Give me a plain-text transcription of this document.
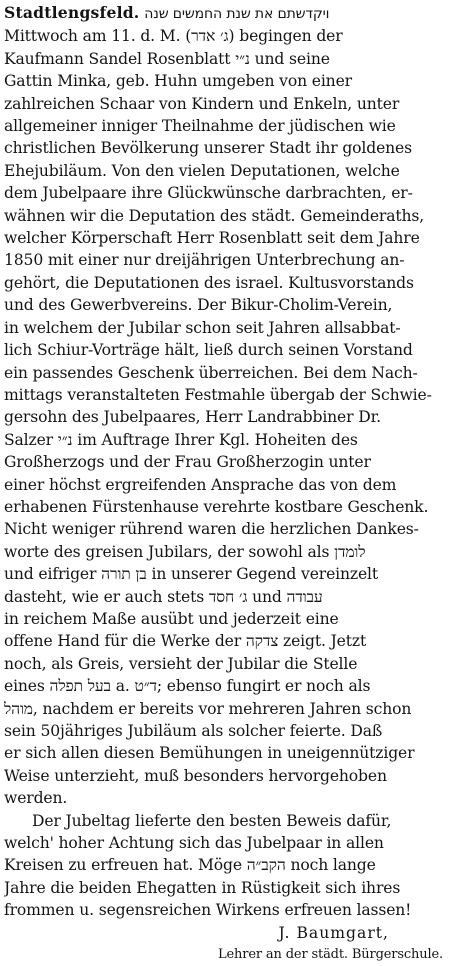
Stadtlengsfeld. ויקדשתם את שנת החמשים שנה
Mittwoch am 11. d. M. (ג׳ אדר) begingen der
Kaufmann Sandel Rosenblatt נ״י und seine
Gattin Minka, geb. Huhn umgeben von einer
zahlreichen Schaar von Kindern und Enkeln, unter
allgemeiner inniger Theilnahme der jüdischen wie
christlichen Bevölkerung unserer Stadt ihr goldenes
Ehejubiläum. Von den vielen Deputationen, welche
dem Jubelpaare ihre Glückwünsche darbrachten, er-
wähnen wir die Deputation des städt. Gemeinderaths,
welcher Körperschaft Herr Rosenblatt seit dem Jahre
1850 mit einer nur dreijährigen Unterbrechung an-
gehört, die Deputationen des israel. Kultusvorstands
und des Gewerbvereins. Der Bikur-Cholim-Verein,
in welchem der Jubilar schon seit Jahren allsabbat-
lich Schiur-Vorträge hält, ließ durch seinen Vorstand
ein passendes Geschenk überreichen. Bei dem Nach-
mittags veranstalteten Festmahle übergab der Schwie-
gersohn des Jubelpaares, Herr Landrabbiner Dr.
Salzer נ״י im Auftrage Ihrer Kgl. Hoheiten des
Großherzogs und der Frau Großherzogin unter
einer höchst ergreifenden Ansprache das von dem
erhabenen Fürstenhause verehrte kostbare Geschenk.
Nicht weniger rührend waren die herzlichen Dankes-
worte des greisen Jubilars, der sowohl als לומדן
und eifriger בן תורה in unserer Gegend vereinzelt
dasteht, wie er auch stets ג׳ חסד und עבודה
in reichem Maße ausübt und jederzeit eine
offene Hand für die Werke der צדקה zeigt. Jetzt
noch, als Greis, versieht der Jubilar die Stelle
eines בעל תפלה a. ד״ט; ebenso fungirt er noch als
מוהל, nachdem er bereits vor mehreren Jahren schon
sein 50jähriges Jubiläum als solcher feierte. Daß
er sich allen diesen Bemühungen in uneigennütziger
Weise unterzieht, muß besonders hervorgehoben
werden.
Der Jubeltag lieferte den besten Beweis dafür,
welch' hoher Achtung sich das Jubelpaar in allen
Kreisen zu erfreuen hat. Möge הקב״ה noch lange
Jahre die beiden Ehegatten in Rüstigkeit sich ihres
frommen u. segensreichen Wirkens erfreuen lassen!
J. Baumgart,
Lehrer an der städt. Bürgerschule.
